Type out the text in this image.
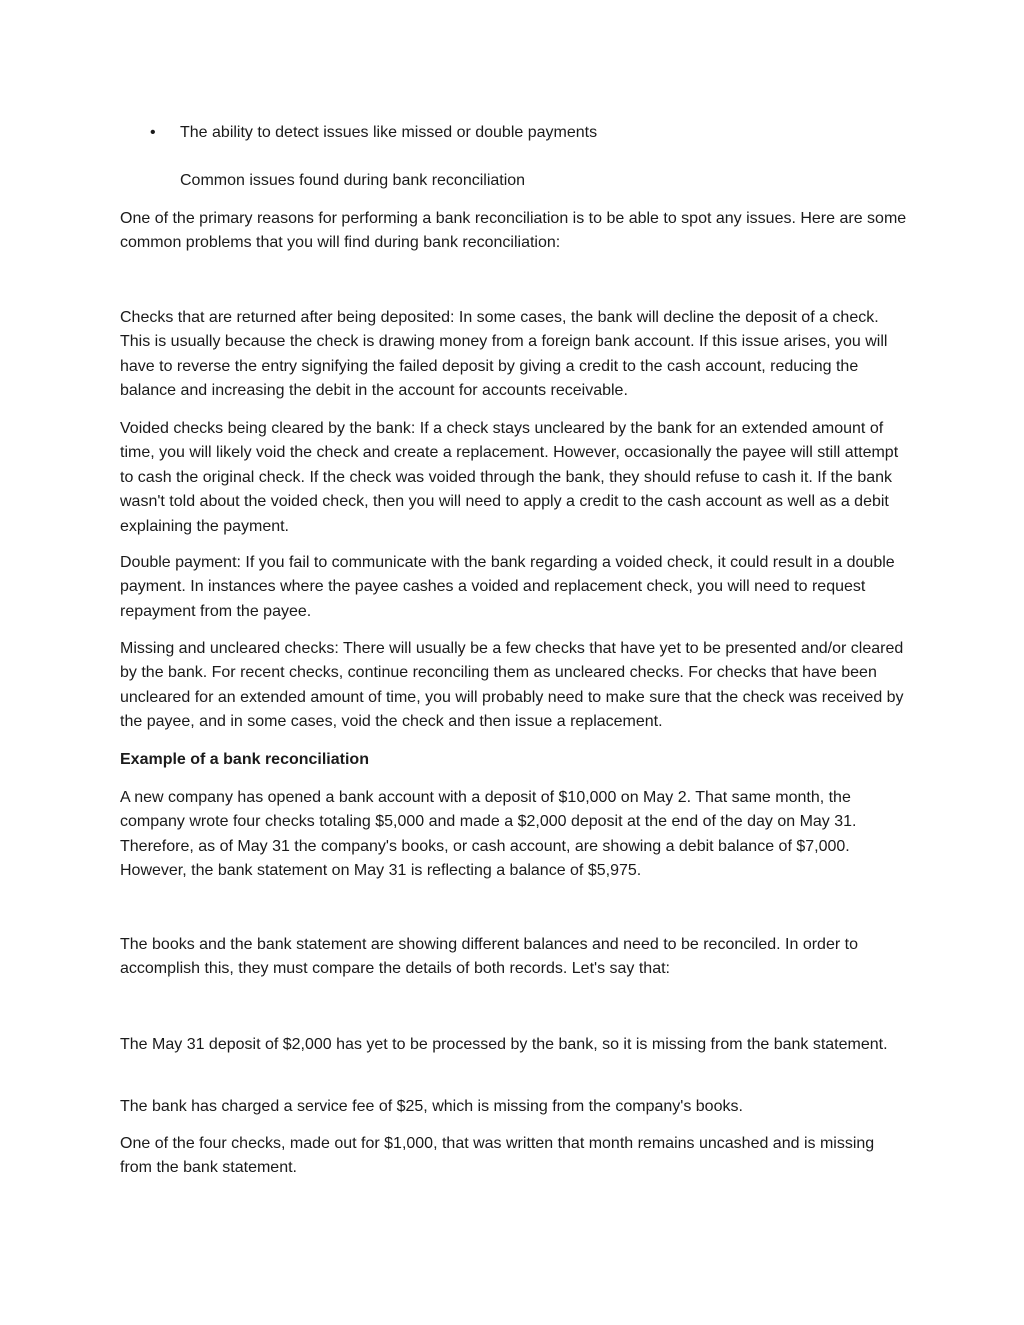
•	The ability to detect issues like missed or double payments
Common issues found during bank reconciliation

One of the primary reasons for performing a bank reconciliation is to be able to spot any issues. Here are some common problems that you will find during bank reconciliation:

Checks that are returned after being deposited: In some cases, the bank will decline the deposit of a check. This is usually because the check is drawing money from a foreign bank account. If this issue arises, you will have to reverse the entry signifying the failed deposit by giving a credit to the cash account, reducing the balance and increasing the debit in the account for accounts receivable.

Voided checks being cleared by the bank: If a check stays uncleared by the bank for an extended amount of time, you will likely void the check and create a replacement. However, occasionally the payee will still attempt to cash the original check. If the check was voided through the bank, they should refuse to cash it. If the bank wasn't told about the voided check, then you will need to apply a credit to the cash account as well as a debit explaining the payment.

Double payment: If you fail to communicate with the bank regarding a voided check, it could result in a double payment. In instances where the payee cashes a voided and replacement check, you will need to request repayment from the payee.

Missing and uncleared checks: There will usually be a few checks that have yet to be presented and/or cleared by the bank. For recent checks, continue reconciling them as uncleared checks. For checks that have been uncleared for an extended amount of time, you will probably need to make sure that the check was received by the payee, and in some cases, void the check and then issue a replacement.

Example of a bank reconciliation

A new company has opened a bank account with a deposit of $10,000 on May 2. That same month, the company wrote four checks totaling $5,000 and made a $2,000 deposit at the end of the day on May 31. Therefore, as of May 31 the company's books, or cash account, are showing a debit balance of $7,000. However, the bank statement on May 31 is reflecting a balance of $5,975.

The books and the bank statement are showing different balances and need to be reconciled. In order to accomplish this, they must compare the details of both records. Let's say that:

The May 31 deposit of $2,000 has yet to be processed by the bank, so it is missing from the bank statement.

The bank has charged a service fee of $25, which is missing from the company's books.

One of the four checks, made out for $1,000, that was written that month remains uncashed and is missing from the bank statement.
